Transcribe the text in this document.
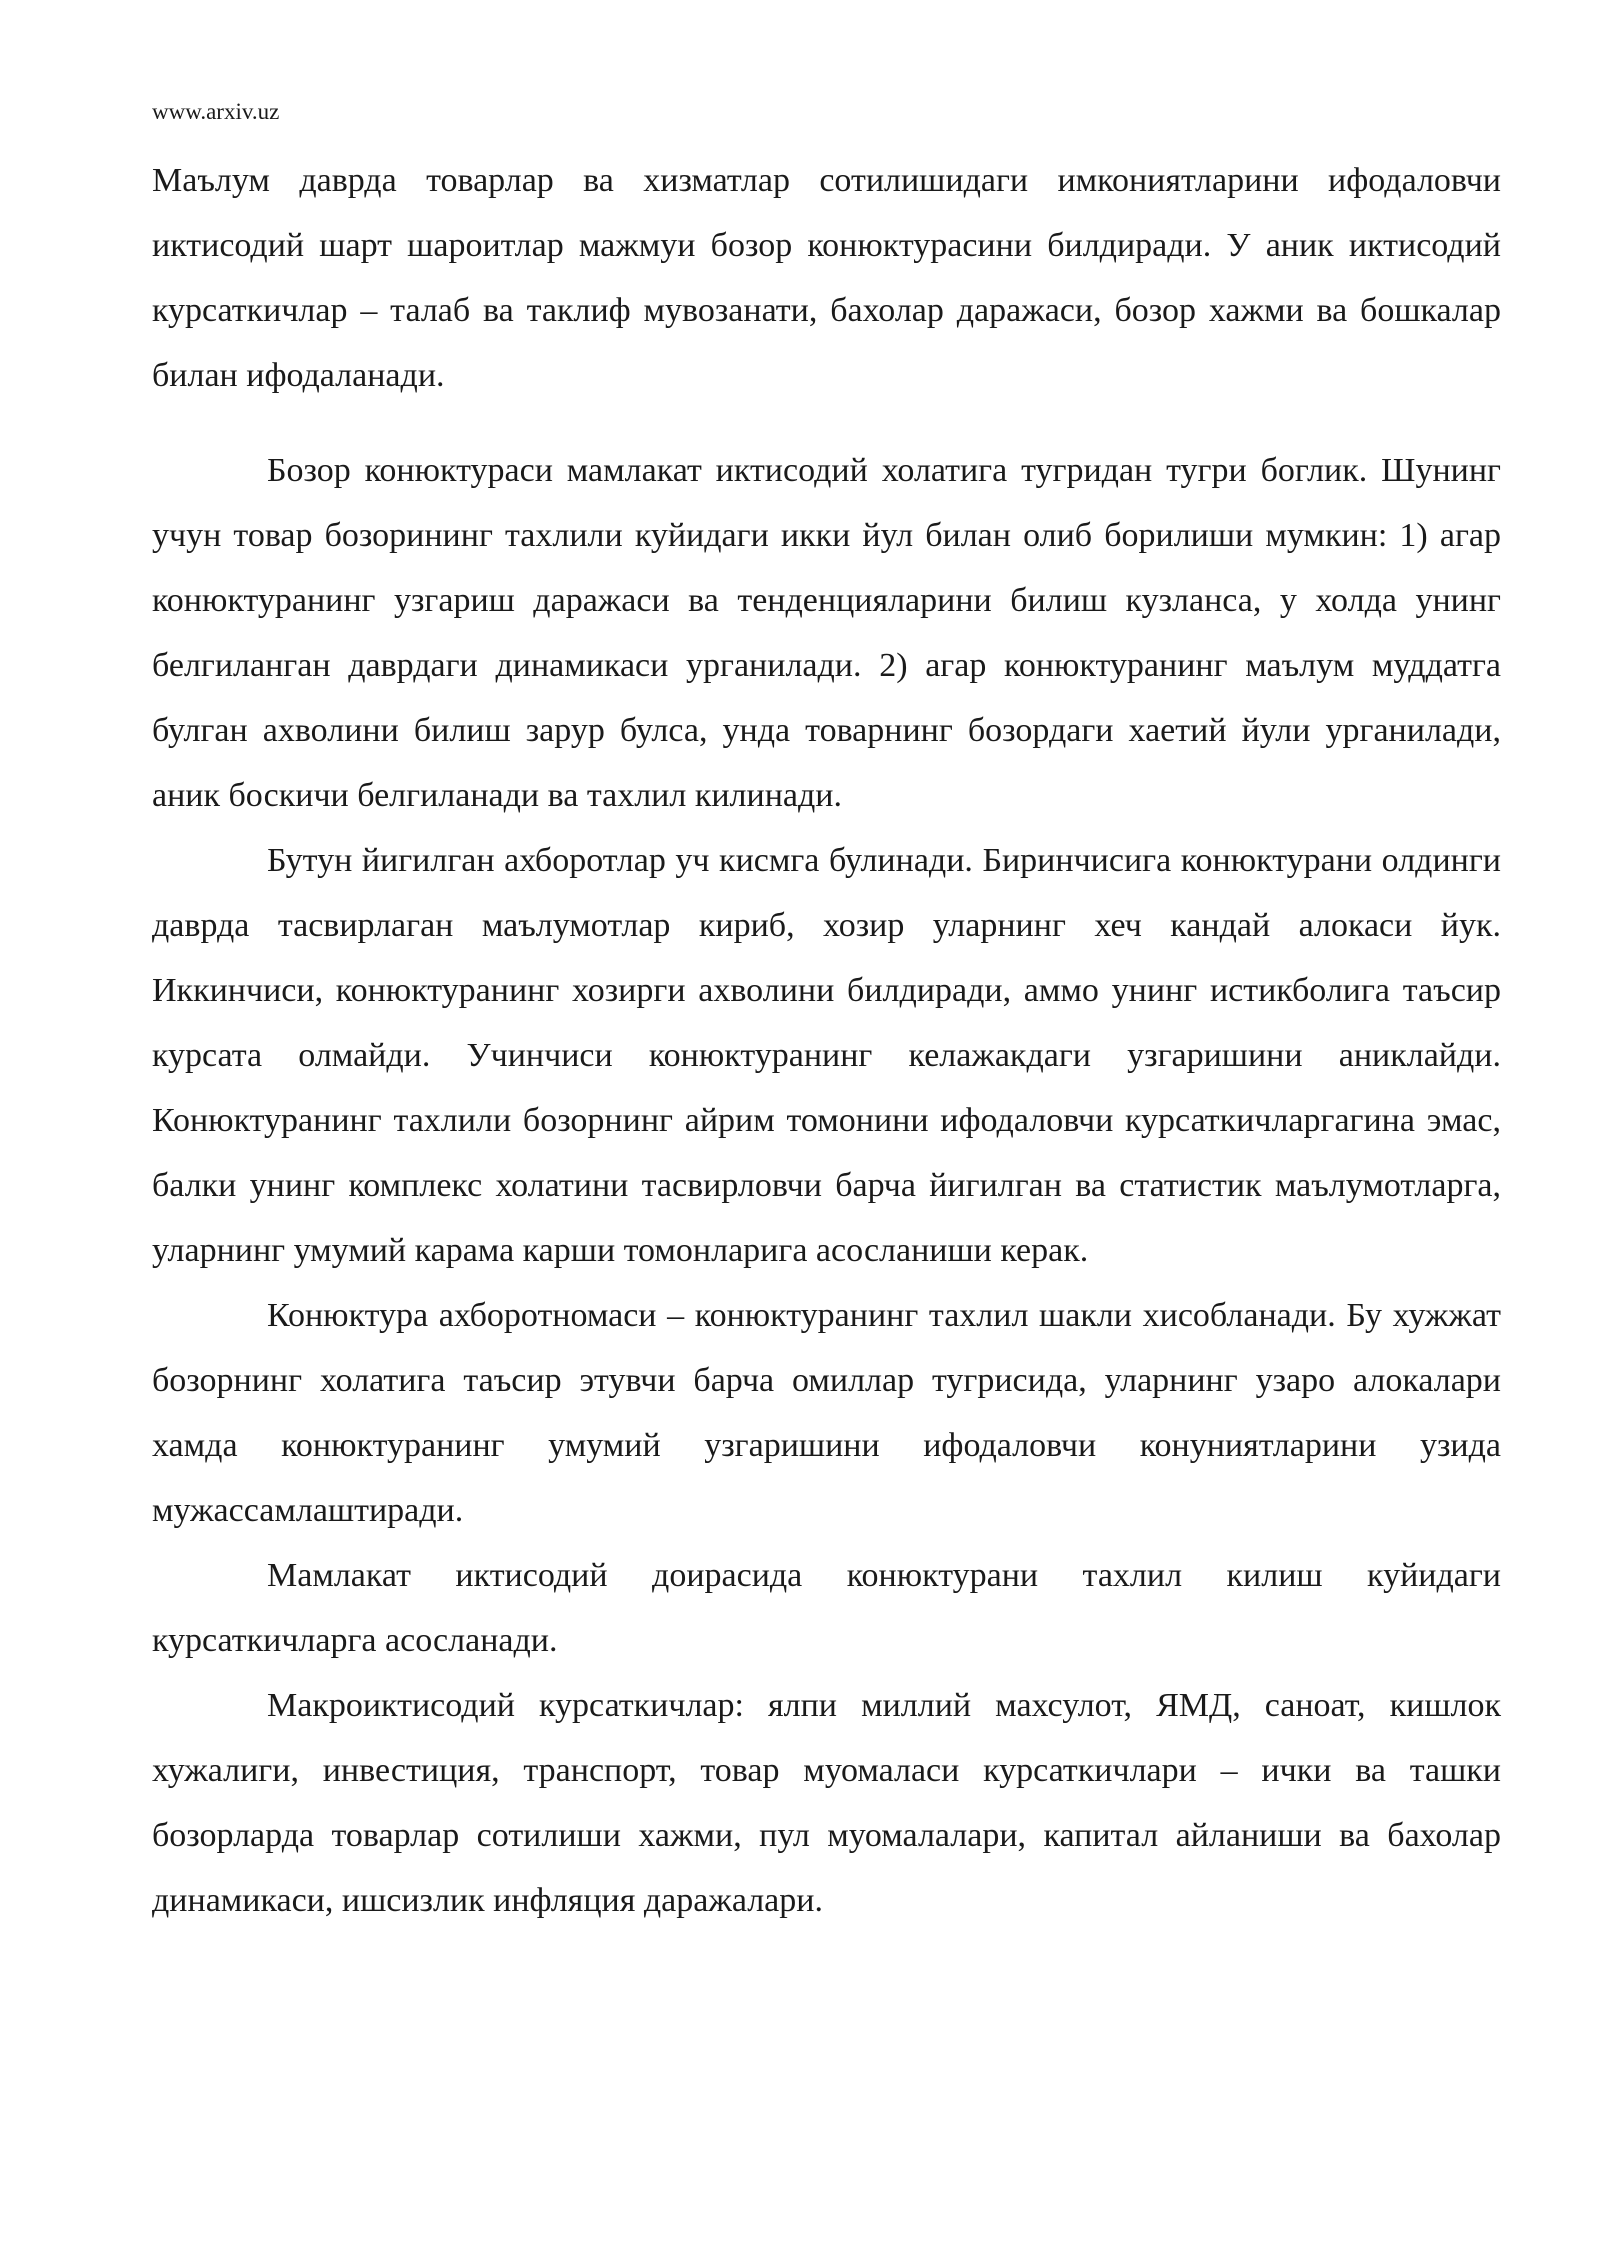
www.arxiv.uz

Маълум даврда товарлар ва хизматлар сотилишидаги имкониятларини ифодаловчи иктисодий шарт шароитлар мажмуи бозор конюктурасини билдиради. У аник иктисодий курсаткичлар – талаб ва таклиф мувозанати, бахолар даражаси, бозор хажми ва бошкалар билан ифодаланади.

Бозор конюктураси мамлакат иктисодий холатига тугридан тугри боглик. Шунинг учун товар бозорининг тахлили куйидаги икки йул билан олиб борилиши мумкин: 1) агар конюктуранинг узгариш даражаси ва тенденцияларини билиш кузланса, у холда унинг белгиланган даврдаги динамикаси урганилади. 2) агар конюктуранинг маълум муддатга булган ахволини билиш зарур булса, унда товарнинг бозордаги хаетий йули урганилади, аник боскичи белгиланади ва тахлил килинади.

Бутун йигилган ахборотлар уч кисмга булинади. Биринчисига конюктурани олдинги даврда тасвирлаган маълумотлар кириб, хозир уларнинг хеч кандай алокаси йук. Иккинчиси, конюктуранинг хозирги ахволини билдиради, аммо унинг истикболига таъсир курсата олмайди. Учинчиси конюктуранинг келажакдаги узгаришини аниклайди. Конюктуранинг тахлили бозорнинг айрим томонини ифодаловчи курсаткичларгагина эмас, балки унинг комплекс холатини тасвирловчи барча йигилган ва статистик маълумотларга, уларнинг умумий карама карши томонларига асосланиши керак.

Конюктура ахборотномаси – конюктуранинг тахлил шакли хисобланади. Бу хужжат бозорнинг холатига таъсир этувчи барча омиллар тугрисида, уларнинг узаро алокалари хамда конюктуранинг умумий узгаришини ифодаловчи конуниятларини узида мужассамлаштиради.

Мамлакат иктисодий доирасида конюктурани тахлил килиш куйидаги курсаткичларга асосланади.

Макроиктисодий курсаткичлар: ялпи миллий махсулот, ЯМД, саноат, кишлок хужалиги, инвестиция, транспорт, товар муомаласи курсаткичлари – ички ва ташки бозорларда товарлар сотилиши хажми, пул муомалалари, капитал айланиши ва бахолар динамикаси, ишсизлик инфляция даражалари.
